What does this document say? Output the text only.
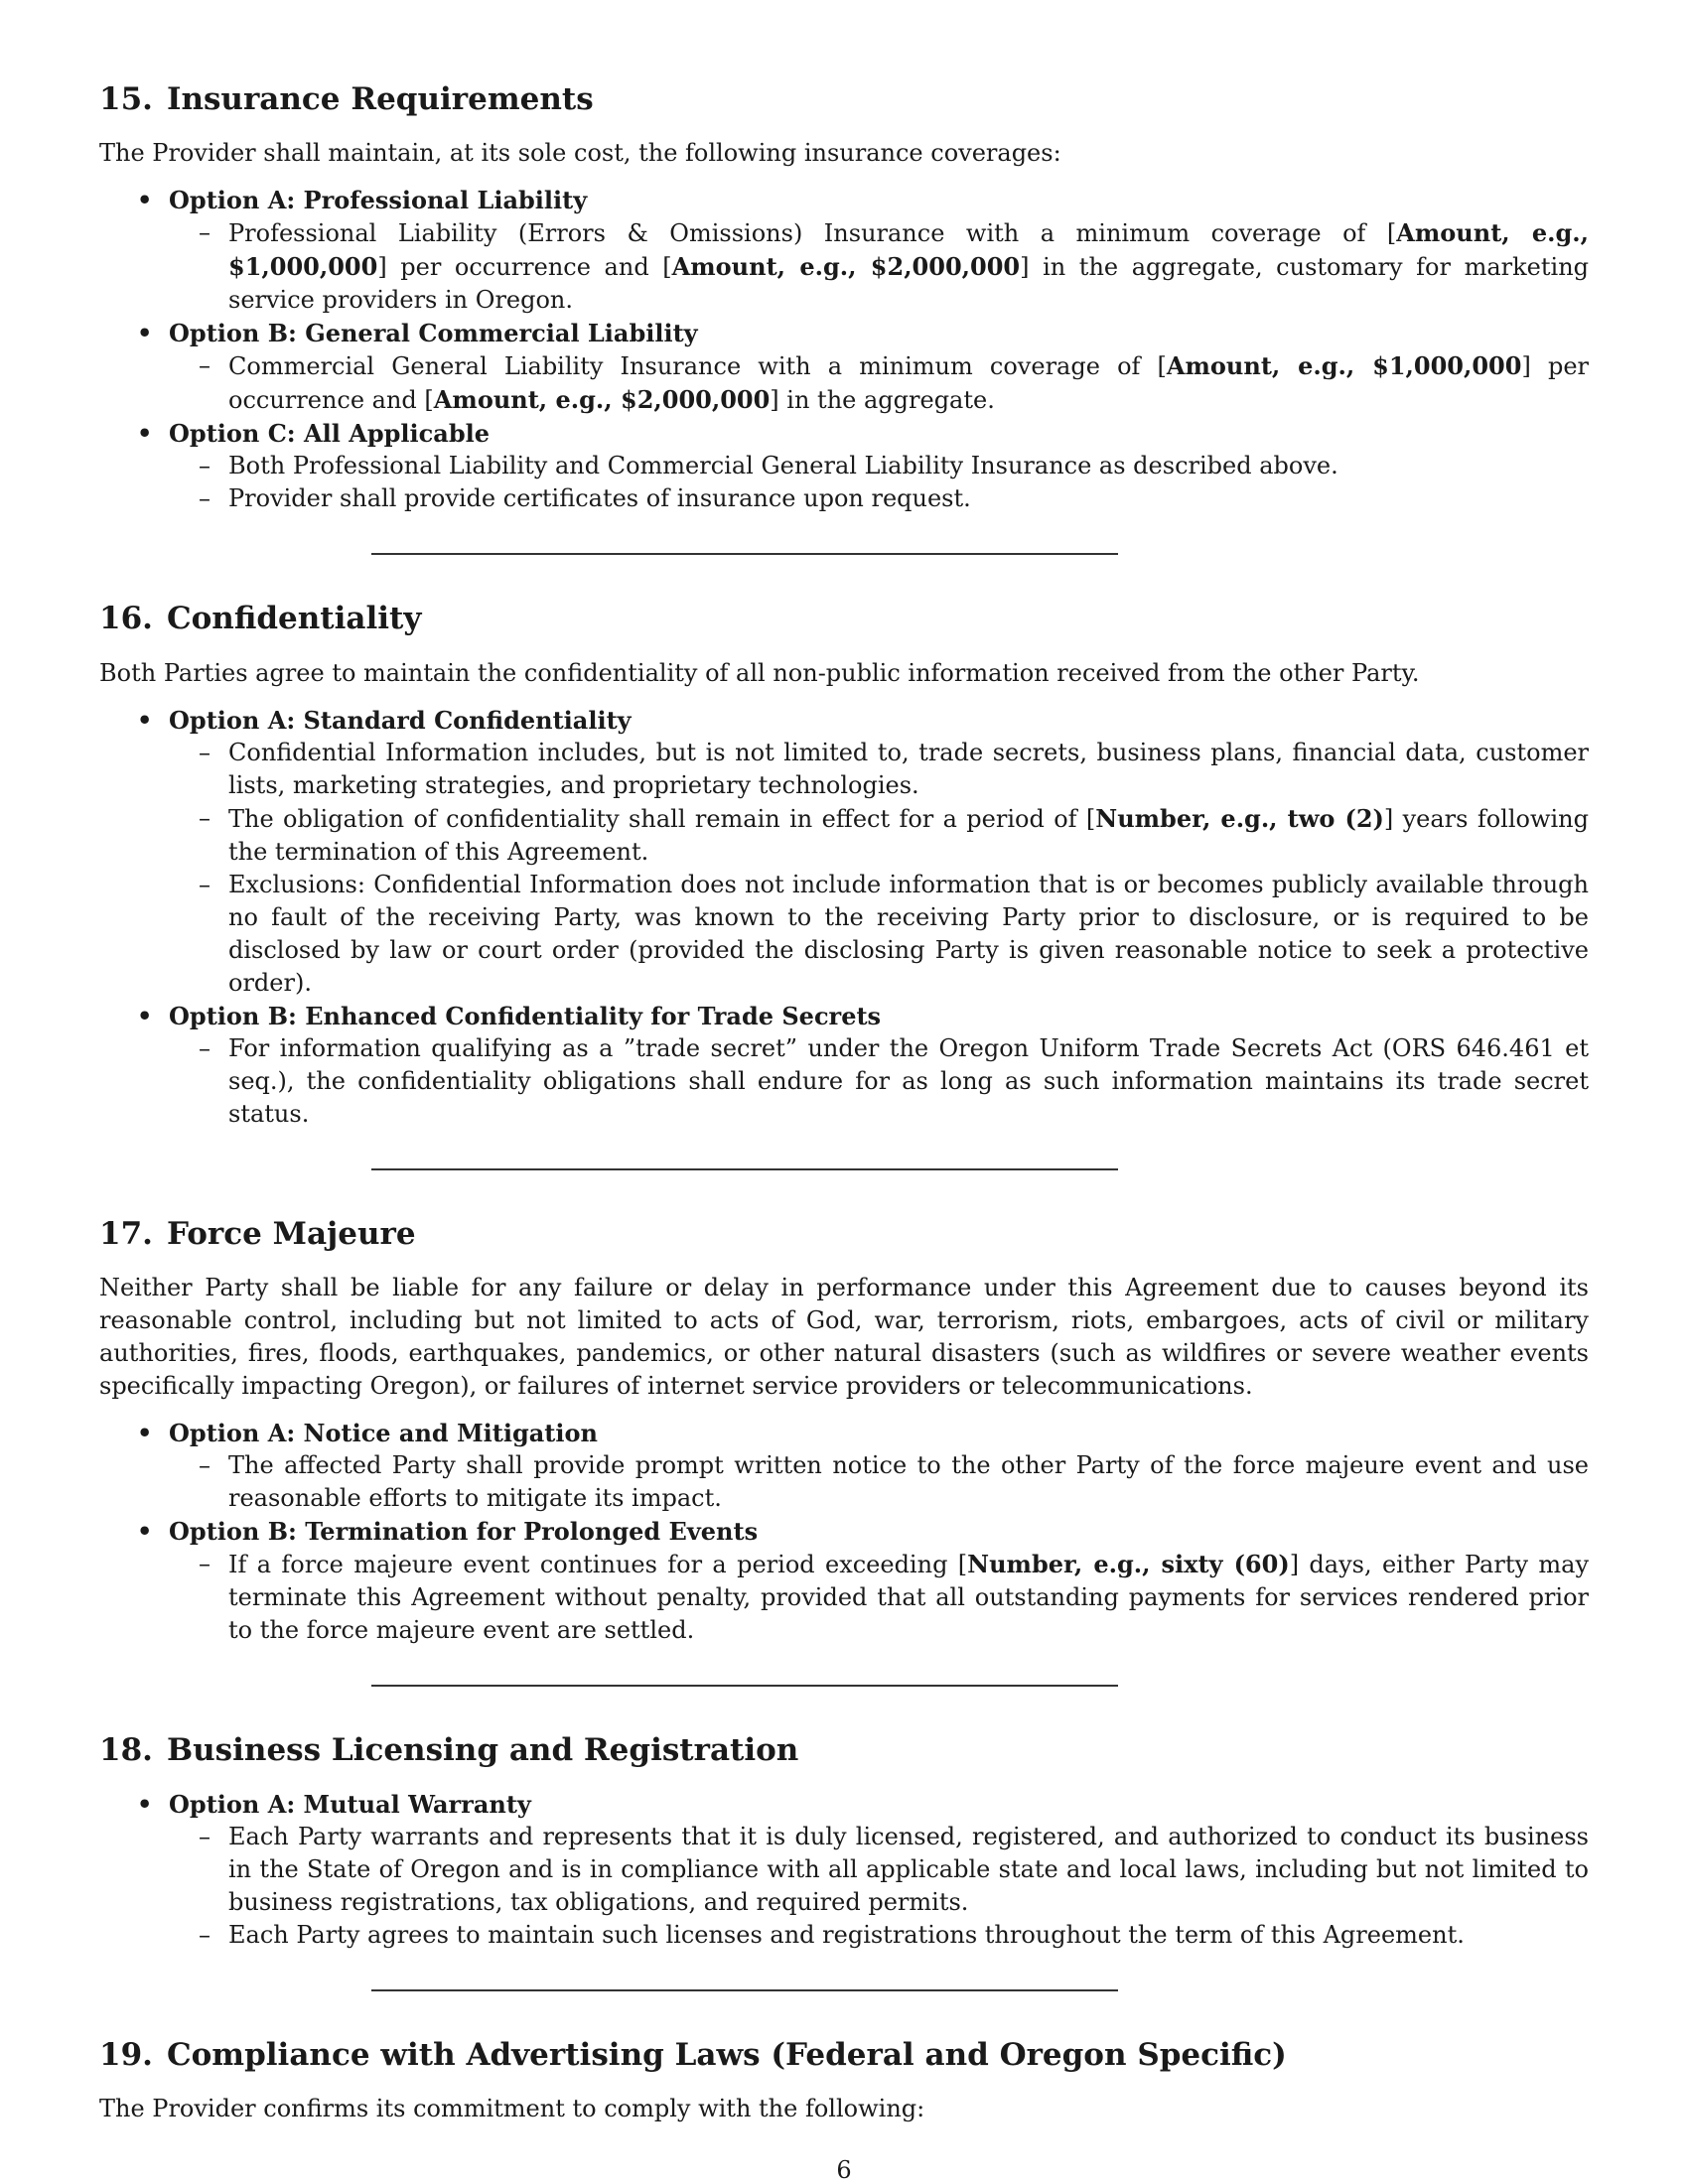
15. Insurance Requirements

The Provider shall maintain, at its sole cost, the following insurance coverages:

• Option A: Professional Liability
– Professional Liability (Errors & Omissions) Insurance with a minimum coverage of [Amount, e.g., $1,000,000] per occurrence and [Amount, e.g., $2,000,000] in the aggregate, customary for marketing service providers in Oregon.
• Option B: General Commercial Liability
– Commercial General Liability Insurance with a minimum coverage of [Amount, e.g., $1,000,000] per occurrence and [Amount, e.g., $2,000,000] in the aggregate.
• Option C: All Applicable
– Both Professional Liability and Commercial General Liability Insurance as described above.
– Provider shall provide certificates of insurance upon request.
16. Confidentiality

Both Parties agree to maintain the confidentiality of all non-public information received from the other Party.

• Option A: Standard Confidentiality
– Confidential Information includes, but is not limited to, trade secrets, business plans, financial data, customer lists, marketing strategies, and proprietary technologies.
– The obligation of confidentiality shall remain in effect for a period of [Number, e.g., two (2)] years following the termination of this Agreement.
– Exclusions: Confidential Information does not include information that is or becomes publicly available through no fault of the receiving Party, was known to the receiving Party prior to disclosure, or is required to be disclosed by law or court order (provided the disclosing Party is given reasonable notice to seek a protective order).
• Option B: Enhanced Confidentiality for Trade Secrets
– For information qualifying as a ”trade secret” under the Oregon Uniform Trade Secrets Act (ORS 646.461 et seq.), the confidentiality obligations shall endure for as long as such information maintains its trade secret status.
17. Force Majeure

Neither Party shall be liable for any failure or delay in performance under this Agreement due to causes beyond its reasonable control, including but not limited to acts of God, war, terrorism, riots, embargoes, acts of civil or military authorities, fires, floods, earthquakes, pandemics, or other natural disasters (such as wildfires or severe weather events specifically impacting Oregon), or failures of internet service providers or telecommunications.

• Option A: Notice and Mitigation
– The affected Party shall provide prompt written notice to the other Party of the force majeure event and use reasonable efforts to mitigate its impact.
• Option B: Termination for Prolonged Events
– If a force majeure event continues for a period exceeding [Number, e.g., sixty (60)] days, either Party may terminate this Agreement without penalty, provided that all outstanding payments for services rendered prior to the force majeure event are settled.
18. Business Licensing and Registration
• Option A: Mutual Warranty
– Each Party warrants and represents that it is duly licensed, registered, and authorized to conduct its business in the State of Oregon and is in compliance with all applicable state and local laws, including but not limited to business registrations, tax obligations, and required permits.
– Each Party agrees to maintain such licenses and registrations throughout the term of this Agreement.
19. Compliance with Advertising Laws (Federal and Oregon Specific)

The Provider confirms its commitment to comply with the following:

6
